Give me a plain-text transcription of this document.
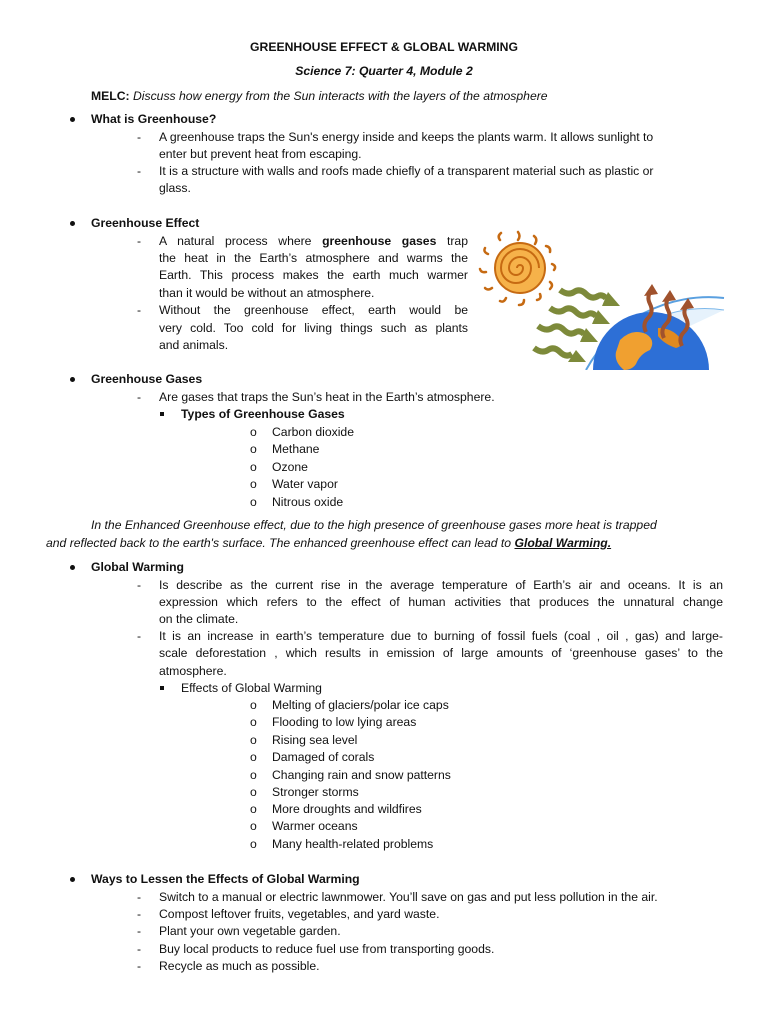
GREENHOUSE EFFECT & GLOBAL WARMING
Science 7: Quarter 4, Module 2
MELC: Discuss how energy from the Sun interacts with the layers of the atmosphere
What is Greenhouse?
- A greenhouse traps the Sun's energy inside and keeps the plants warm. It allows sunlight to
enter but prevent heat from escaping.
- It is a structure with walls and roofs made chiefly of a transparent material such as plastic or
glass.
Greenhouse Effect
- A natural process where greenhouse gases trap
the heat in the Earth’s atmosphere and warms the
Earth. This process makes the earth much warmer
than it would be without an atmosphere.
- Without the greenhouse effect, earth would be
very cold. Too cold for living things such as plants
and animals.
Greenhouse Gases
- Are gases that traps the Sun’s heat in the Earth’s atmosphere.
Types of Greenhouse Gases
o Carbon dioxide
o Methane
o Ozone
o Water vapor
o Nitrous oxide
In the Enhanced Greenhouse effect, due to the high presence of greenhouse gases more heat is trapped
and reflected back to the earth's surface. The enhanced greenhouse effect can lead to Global Warming.
Global Warming
- Is describe as the current rise in the average temperature of Earth’s air and oceans. It is an
expression which refers to the effect of human activities that produces the unnatural change
on the climate.
- It is an increase in earth’s temperature due to burning of fossil fuels (coal , oil , gas) and large-
scale deforestation , which results in emission of large amounts of ‘greenhouse gases’ to the
atmosphere.
Effects of Global Warming
o Melting of glaciers/polar ice caps
o Flooding to low lying areas
o Rising sea level
o Damaged of corals
o Changing rain and snow patterns
o Stronger storms
o More droughts and wildfires
o Warmer oceans
o Many health-related problems
Ways to Lessen the Effects of Global Warming
- Switch to a manual or electric lawnmower. You’ll save on gas and put less pollution in the air.
- Compost leftover fruits, vegetables, and yard waste.
- Plant your own vegetable garden.
- Buy local products to reduce fuel use from transporting goods.
- Recycle as much as possible.
